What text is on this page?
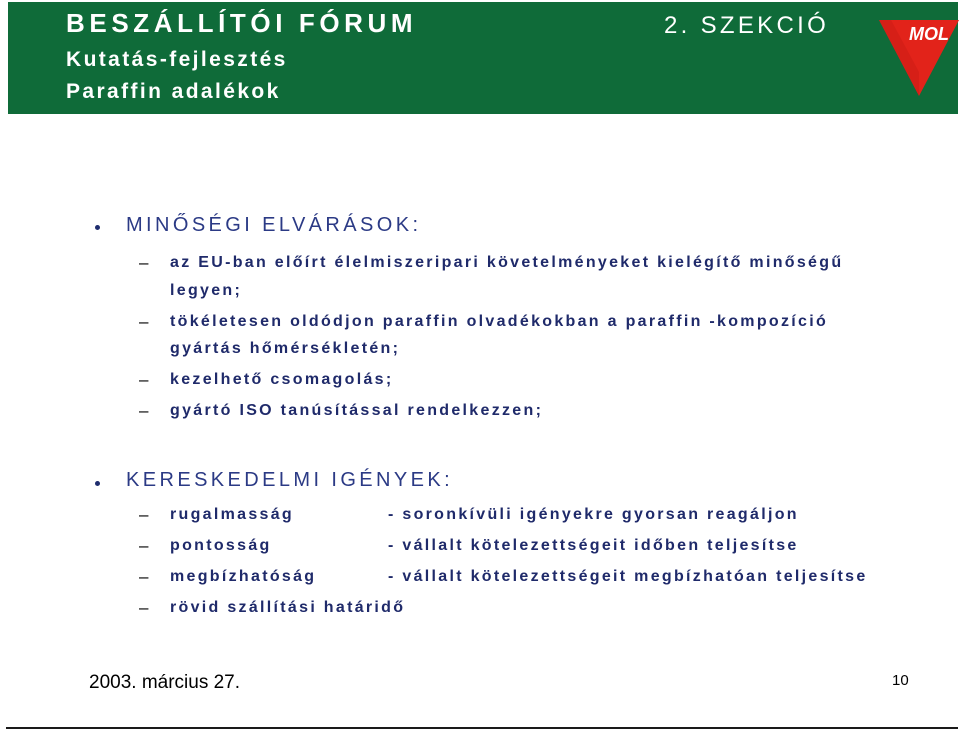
BESZÁLLÍTÓI FÓRUM
Kutatás-fejlesztés
Paraffin adalékok
2. SZEKCIÓ	MOL
MINŐSÉGI ELVÁRÁSOK:
– az EU-ban előírt élelmiszeripari követelményeket kielégítő minőségű
legyen;
– tökéletesen oldódjon paraffin olvadékokban a paraffin -kompozíció
gyártás hőmérsékletén;
– kezelhető csomagolás;
– gyártó ISO tanúsítással rendelkezzen;
KERESKEDELMI IGÉNYEK:
– rugalmasság	- soronkívüli igényekre gyorsan reagáljon
– pontosság	- vállalt kötelezettségeit időben teljesítse
– megbízhatóság	- vállalt kötelezettségeit megbízhatóan teljesítse
– rövid szállítási határidő
2003. március 27.	10
